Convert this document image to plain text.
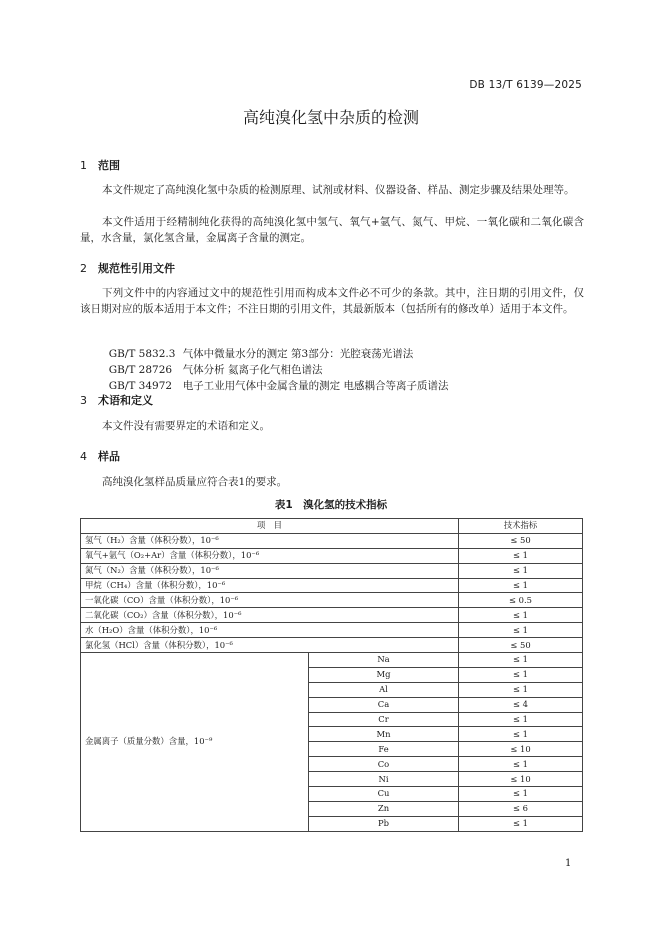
DB 13/T 6139—2025
高纯溴化氢中杂质的检测
1 范围
本文件规定了高纯溴化氢中杂质的检测原理、试剂或材料、仪器设备、样品、测定步骤及结果处理等。
本文件适用于经精制纯化获得的高纯溴化氢中氢气、氧气+氩气、氮气、甲烷、一氧化碳和二氧化碳含量，水含量，氯化氢含量，金属离子含量的测定。
2 规范性引用文件
下列文件中的内容通过文中的规范性引用而构成本文件必不可少的条款。其中，注日期的引用文件，仅该日期对应的版本适用于本文件；不注日期的引用文件，其最新版本（包括所有的修改单）适用于本文件。

GB/T 5832.3 气体中微量水分的测定 第3部分：光腔衰荡光谱法

GB/T 28726 气体分析 氦离子化气相色谱法

GB/T 34972 电子工业用气体中金属含量的测定 电感耦合等离子质谱法

3 术语和定义
本文件没有需要界定的术语和定义。
4 样品
高纯溴化氢样品质量应符合表1的要求。
表1　溴化氢的技术指标
项　目		技术指标
氢气（H₂）含量（体积分数），10⁻⁶		≤ 50
氧气+氩气（O₂+Ar）含量（体积分数），10⁻⁶		≤ 1
氮气（N₂）含量（体积分数），10⁻⁶		≤ 1
甲烷（CH₄）含量（体积分数），10⁻⁶		≤ 1
一氧化碳（CO）含量（体积分数），10⁻⁶		≤ 0.5
二氧化碳（CO₂）含量（体积分数），10⁻⁶		≤ 1
水（H₂O）含量（体积分数），10⁻⁶		≤ 1
氯化氢（HCl）含量（体积分数），10⁻⁶		≤ 50
金属离子（质量分数）含量，10⁻⁹	Na	≤ 1
	Mg	≤ 1
	Al	≤ 1
	Ca	≤ 4
	Cr	≤ 1
	Mn	≤ 1
	Fe	≤ 10
	Co	≤ 1
	Ni	≤ 10
	Cu	≤ 1
	Zn	≤ 6
	Pb	≤ 1
1
